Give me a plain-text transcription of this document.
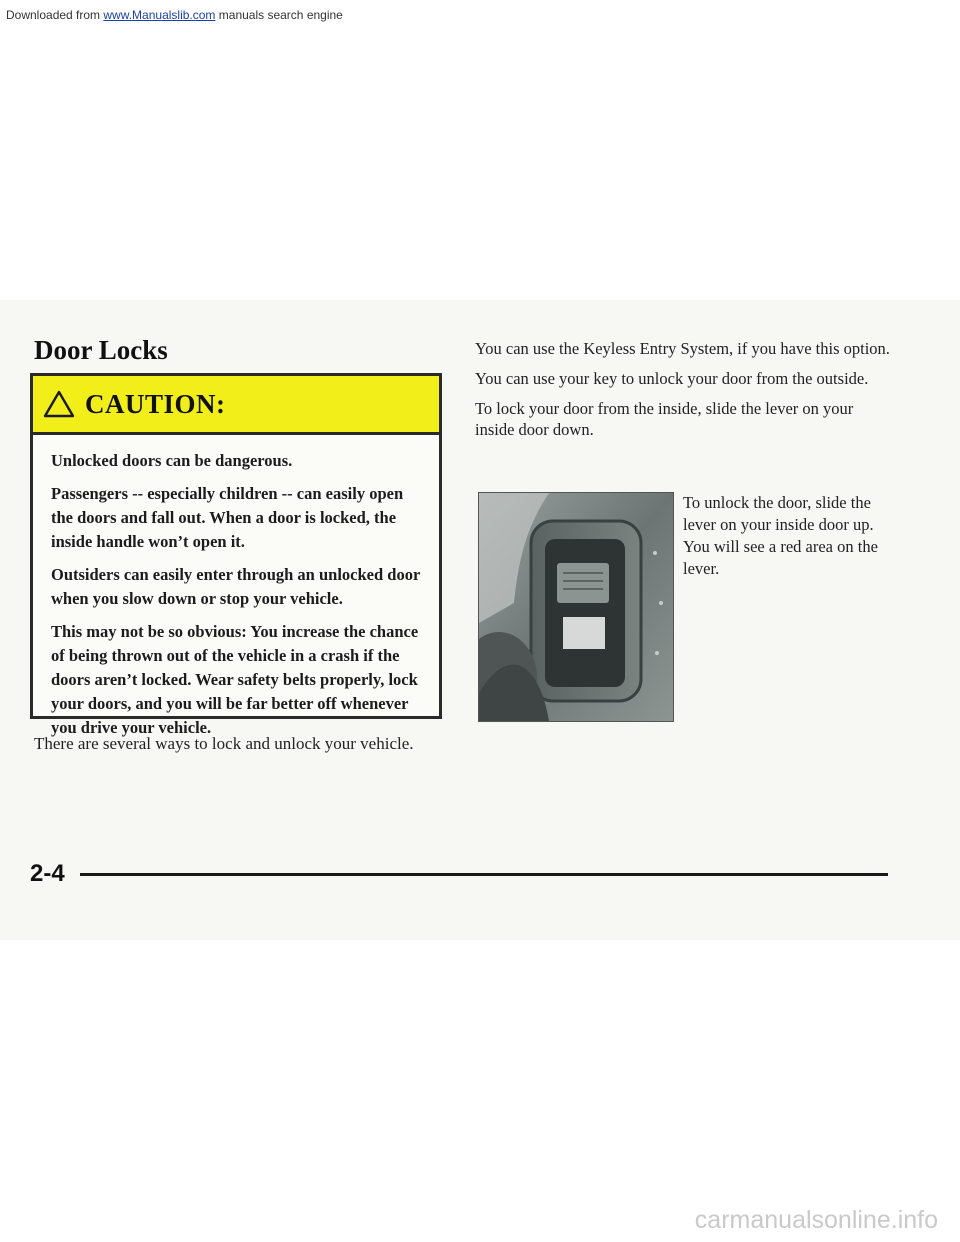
Downloaded from www.Manualslib.com manuals search engine

Door Locks
CAUTION:

Unlocked doors can be dangerous.

Passengers -- especially children -- can easily open the doors and fall out. When a door is locked, the inside handle won’t open it.

Outsiders can easily enter through an unlocked door when you slow down or stop your vehicle.

This may not be so obvious: You increase the chance of being thrown out of the vehicle in a crash if the doors aren’t locked. Wear safety belts properly, lock your doors, and you will be far better off whenever you drive your vehicle.

There are several ways to lock and unlock your vehicle.

You can use the Keyless Entry System, if you have this option.

You can use your key to unlock your door from the outside.

To lock your door from the inside, slide the lever on your inside door down.

To unlock the door, slide the lever on your inside door up. You will see a red area on the lever.

2-4

carmanualsonline.info
